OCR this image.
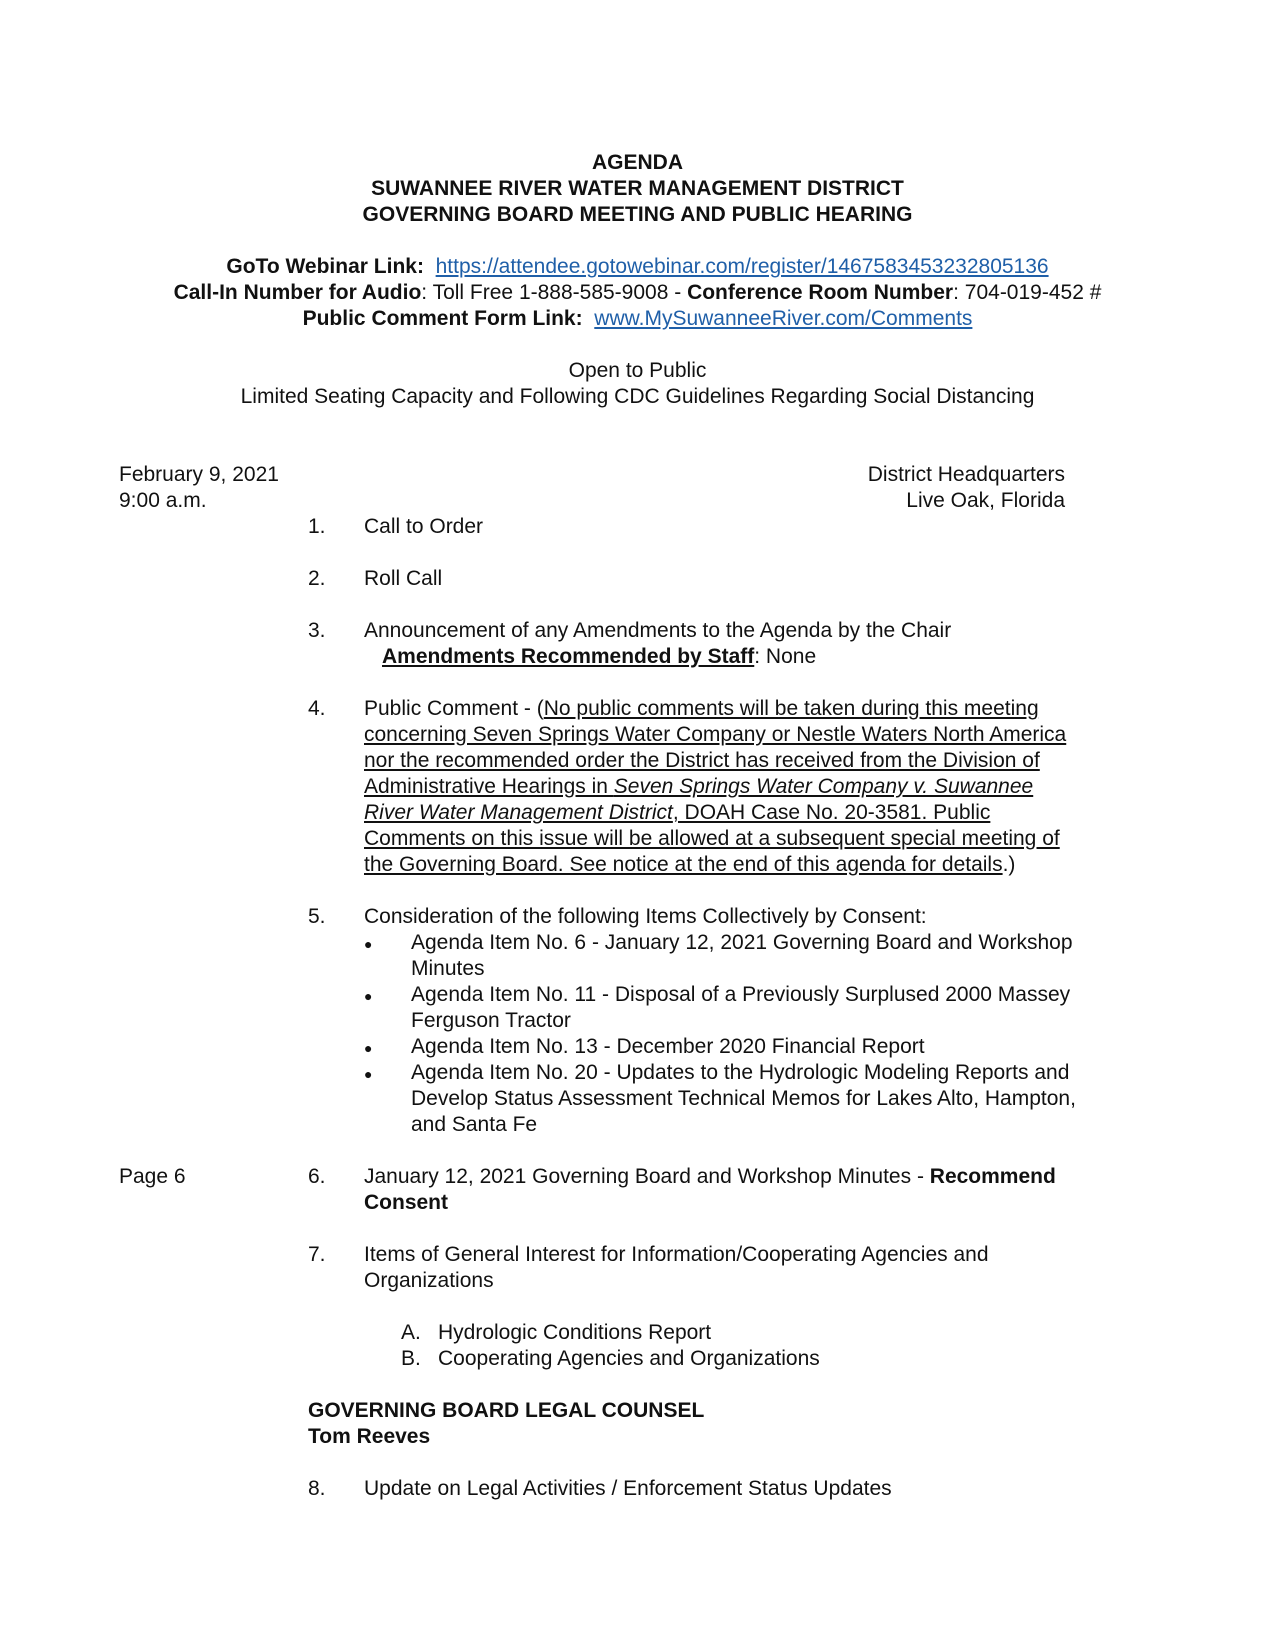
AGENDA
SUWANNEE RIVER WATER MANAGEMENT DISTRICT
GOVERNING BOARD MEETING AND PUBLIC HEARING
GoTo Webinar Link: https://attendee.gotowebinar.com/register/1467583453232805136
Call-In Number for Audio: Toll Free 1-888-585-9008 - Conference Room Number: 704-019-452 #
Public Comment Form Link: www.MySuwanneeRiver.com/Comments
Open to Public
Limited Seating Capacity and Following CDC Guidelines Regarding Social Distancing
February 9, 2021
9:00 a.m.
District Headquarters
Live Oak, Florida
1. Call to Order
2. Roll Call
3. Announcement of any Amendments to the Agenda by the Chair
Amendments Recommended by Staff: None
4. Public Comment - (No public comments will be taken during this meeting
concerning Seven Springs Water Company or Nestle Waters North America
nor the recommended order the District has received from the Division of
Administrative Hearings in Seven Springs Water Company v. Suwannee
River Water Management District, DOAH Case No. 20-3581. Public
Comments on this issue will be allowed at a subsequent special meeting of
the Governing Board. See notice at the end of this agenda for details.)
5. Consideration of the following Items Collectively by Consent:
● Agenda Item No. 6 - January 12, 2021 Governing Board and Workshop
Minutes
● Agenda Item No. 11 - Disposal of a Previously Surplused 2000 Massey
Ferguson Tractor
● Agenda Item No. 13 - December 2020 Financial Report
● Agenda Item No. 20 - Updates to the Hydrologic Modeling Reports and
Develop Status Assessment Technical Memos for Lakes Alto, Hampton,
and Santa Fe
Page 6	6. January 12, 2021 Governing Board and Workshop Minutes - Recommend
Consent
7. Items of General Interest for Information/Cooperating Agencies and
Organizations
A. Hydrologic Conditions Report
B. Cooperating Agencies and Organizations
GOVERNING BOARD LEGAL COUNSEL
Tom Reeves
8. Update on Legal Activities / Enforcement Status Updates
